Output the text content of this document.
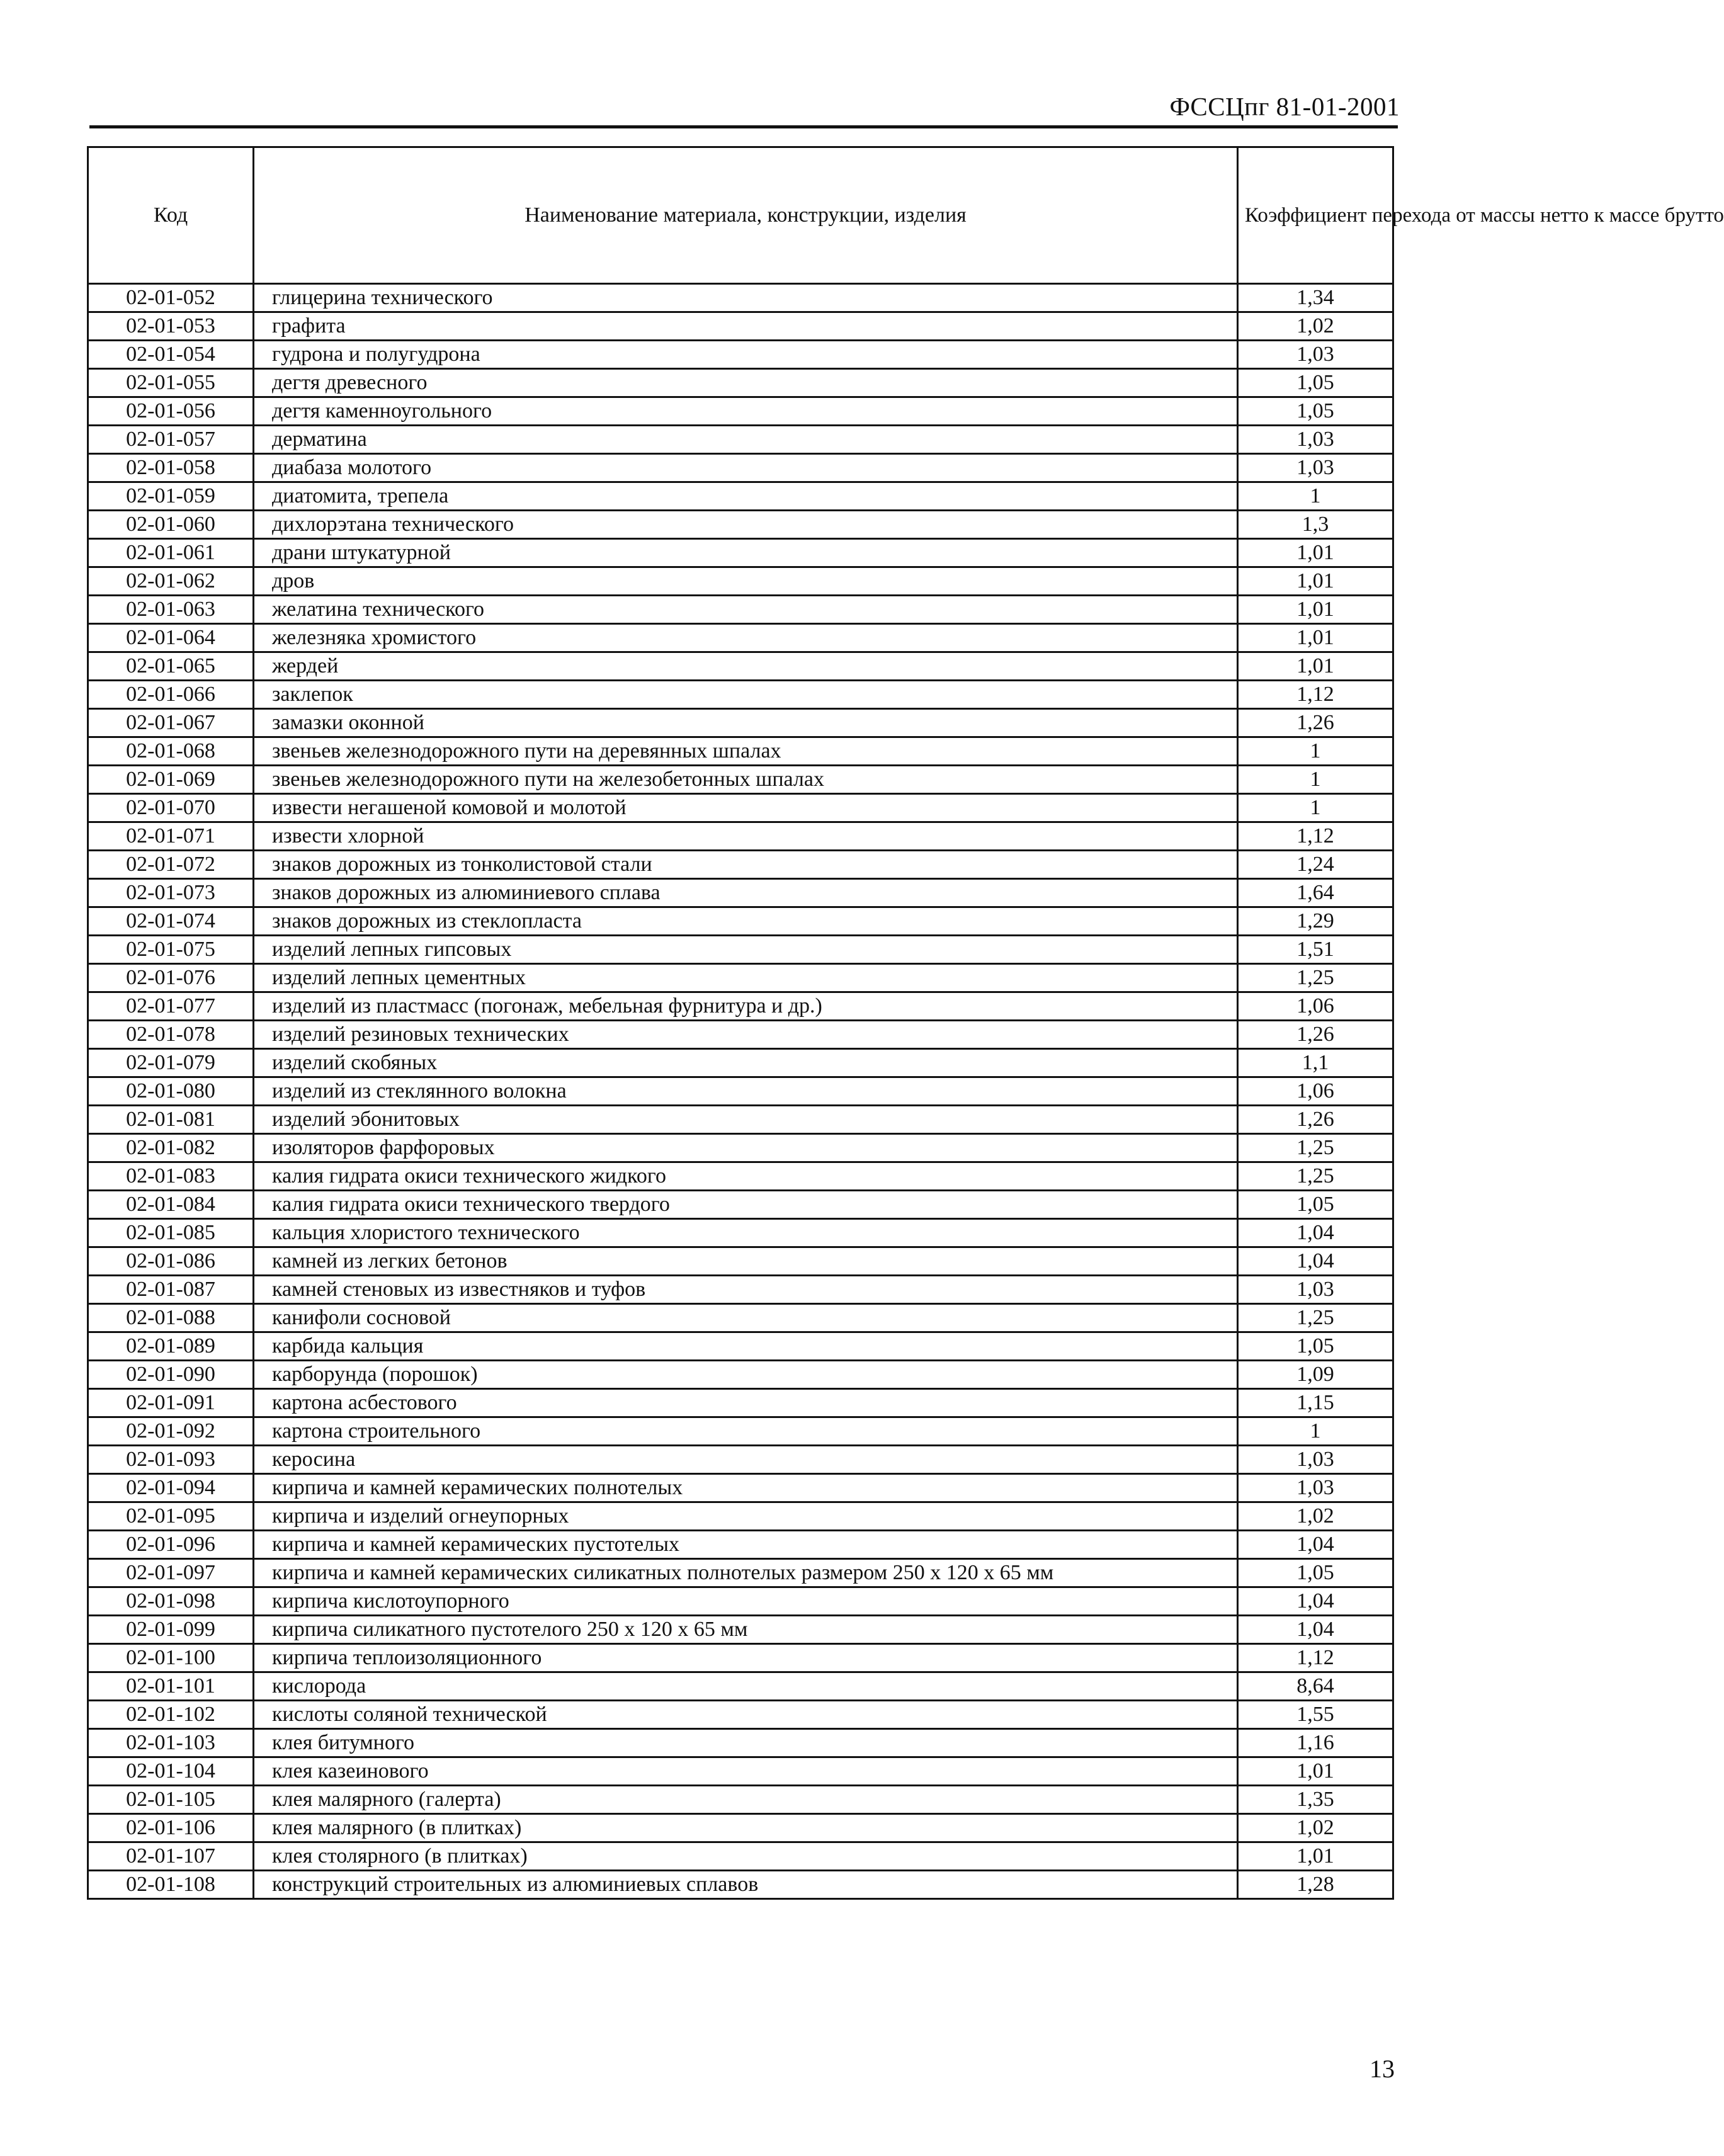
ФССЦпг 81-01-2001
Код	Наименование материала, конструкции, изделия	Коэффициент перехода от массы нетто к массе брутто
02-01-052	глицерина технического	1,34
02-01-053	графита	1,02
02-01-054	гудрона и полугудрона	1,03
02-01-055	дегтя древесного	1,05
02-01-056	дегтя каменноугольного	1,05
02-01-057	дерматина	1,03
02-01-058	диабаза молотого	1,03
02-01-059	диатомита, трепела	1
02-01-060	дихлорэтана технического	1,3
02-01-061	драни штукатурной	1,01
02-01-062	дров	1,01
02-01-063	желатина технического	1,01
02-01-064	железняка хромистого	1,01
02-01-065	жердей	1,01
02-01-066	заклепок	1,12
02-01-067	замазки оконной	1,26
02-01-068	звеньев железнодорожного пути на деревянных шпалах	1
02-01-069	звеньев железнодорожного пути на железобетонных шпалах	1
02-01-070	извести негашеной комовой и молотой	1
02-01-071	извести хлорной	1,12
02-01-072	знаков дорожных из тонколистовой стали	1,24
02-01-073	знаков дорожных из алюминиевого сплава	1,64
02-01-074	знаков дорожных из стеклопласта	1,29
02-01-075	изделий лепных гипсовых	1,51
02-01-076	изделий лепных цементных	1,25
02-01-077	изделий из пластмасс (погонаж, мебельная фурнитура и др.)	1,06
02-01-078	изделий резиновых технических	1,26
02-01-079	изделий скобяных	1,1
02-01-080	изделий из стеклянного волокна	1,06
02-01-081	изделий эбонитовых	1,26
02-01-082	изоляторов фарфоровых	1,25
02-01-083	калия гидрата окиси технического жидкого	1,25
02-01-084	калия гидрата окиси технического твердого	1,05
02-01-085	кальция хлористого технического	1,04
02-01-086	камней из легких бетонов	1,04
02-01-087	камней стеновых из известняков и туфов	1,03
02-01-088	канифоли сосновой	1,25
02-01-089	карбида кальция	1,05
02-01-090	карборунда (порошок)	1,09
02-01-091	картона асбестового	1,15
02-01-092	картона строительного	1
02-01-093	керосина	1,03
02-01-094	кирпича и камней керамических полнотелых	1,03
02-01-095	кирпича и изделий огнеупорных	1,02
02-01-096	кирпича и камней керамических пустотелых	1,04
02-01-097	кирпича и камней керамических силикатных полнотелых размером 250 х 120 х 65 мм	1,05
02-01-098	кирпича кислотоупорного	1,04
02-01-099	кирпича силикатного пустотелого 250 х 120 х 65 мм	1,04
02-01-100	кирпича теплоизоляционного	1,12
02-01-101	кислорода	8,64
02-01-102	кислоты соляной технической	1,55
02-01-103	клея битумного	1,16
02-01-104	клея казеинового	1,01
02-01-105	клея малярного (галерта)	1,35
02-01-106	клея малярного (в плитках)	1,02
02-01-107	клея столярного (в плитках)	1,01
02-01-108	конструкций строительных из алюминиевых сплавов	1,28
13
